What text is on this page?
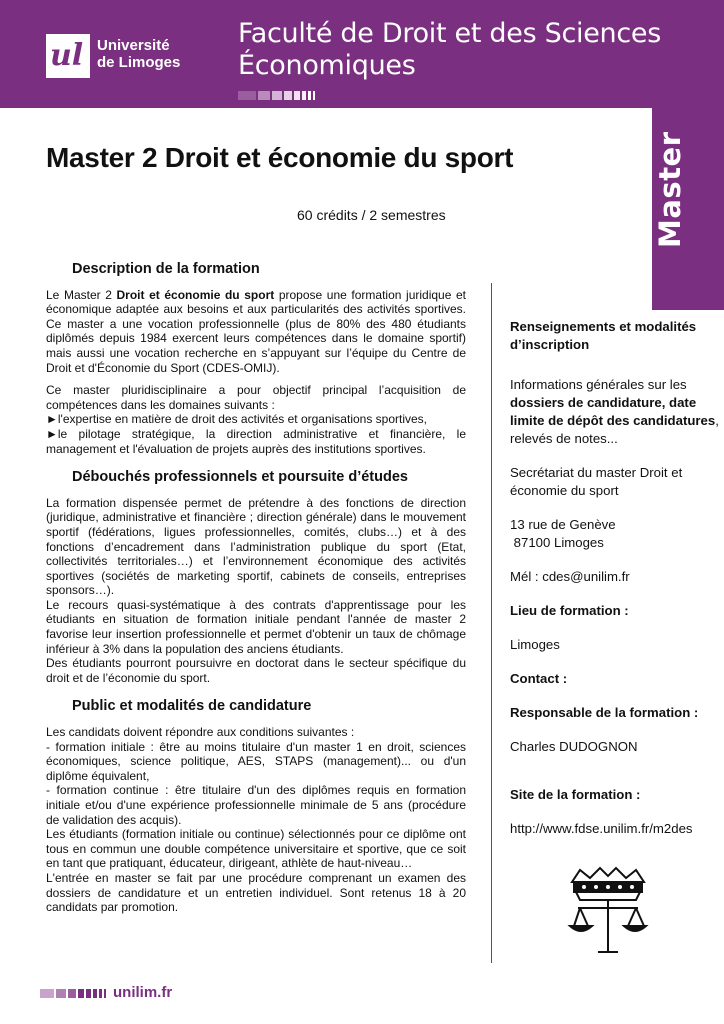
ul Université
de Limoges
Faculté de Droit et des Sciences
Économiques
Master
Master 2 Droit et économie du sport
60 crédits / 2 semestres
Description de la formation

Le Master 2 Droit et économie du sport propose une formation juridique et économique adaptée aux besoins et aux particularités des activités sportives. Ce master a une vocation professionnelle (plus de 80% des 480 étudiants diplômés depuis 1984 exercent leurs compétences dans le domaine sportif) mais aussi une vocation recherche en s’appuyant sur l’équipe du Centre de Droit et d'Économie du Sport (CDES-OMIJ).

Ce master pluridisciplinaire a pour objectif principal l’acquisition de compétences dans les domaines suivants :

►l'expertise en matière de droit des activités et organisations sportives,

►le pilotage stratégique, la direction administrative et financière, le management et l'évaluation de projets auprès des institutions sportives.

Débouchés professionnels et poursuite d’études

La formation dispensée permet de prétendre à des fonctions de direction (juridique, administrative et financière ; direction générale) dans le mouvement sportif (fédérations, ligues professionnelles, comités, clubs…) et à des fonctions d’encadrement dans l’administration publique du sport (Etat, collectivités territoriales…) et l’environnement économique des activités sportives (sociétés de marketing sportif, cabinets de conseils, entreprises sponsors…).

Le recours quasi-systématique à des contrats d'apprentissage pour les étudiants en situation de formation initiale pendant l'année de master 2 favorise leur insertion professionnelle et permet d'obtenir un taux de chômage inférieur à 3% dans la population des anciens étudiants.

Des étudiants pourront poursuivre en doctorat dans le secteur spécifique du droit et de l’économie du sport.

Public et modalités de candidature

Les candidats doivent répondre aux conditions suivantes :

- formation initiale : être au moins titulaire d'un master 1 en droit, sciences économiques, science politique, AES, STAPS (management)... ou d'un diplôme équivalent,

- formation continue : être titulaire d'un des diplômes requis en formation initiale et/ou d'une expérience professionnelle minimale de 5 ans (procédure de validation des acquis).

Les étudiants (formation initiale ou continue) sélectionnés pour ce diplôme ont tous en commun une double compétence universitaire et sportive, que ce soit en tant que pratiquant, éducateur, dirigeant, athlète de haut-niveau…

L'entrée en master se fait par une procédure comprenant un examen des dossiers de candidature et un entretien individuel. Sont retenus 18 à 20 candidats par promotion.

Renseignements et modalités d’inscription
Informations générales sur les dossiers de candidature, date limite de dépôt des candidatures, relevés de notes...
Secrétariat du master Droit et économie du sport
13 rue de Genève
87100 Limoges
Mél : cdes@unilim.fr
Lieu de formation :
Limoges
Contact :
Responsable de la formation :
Charles DUDOGNON
Site de la formation :
http://www.fdse.unilim.fr/m2des
unilim.fr
